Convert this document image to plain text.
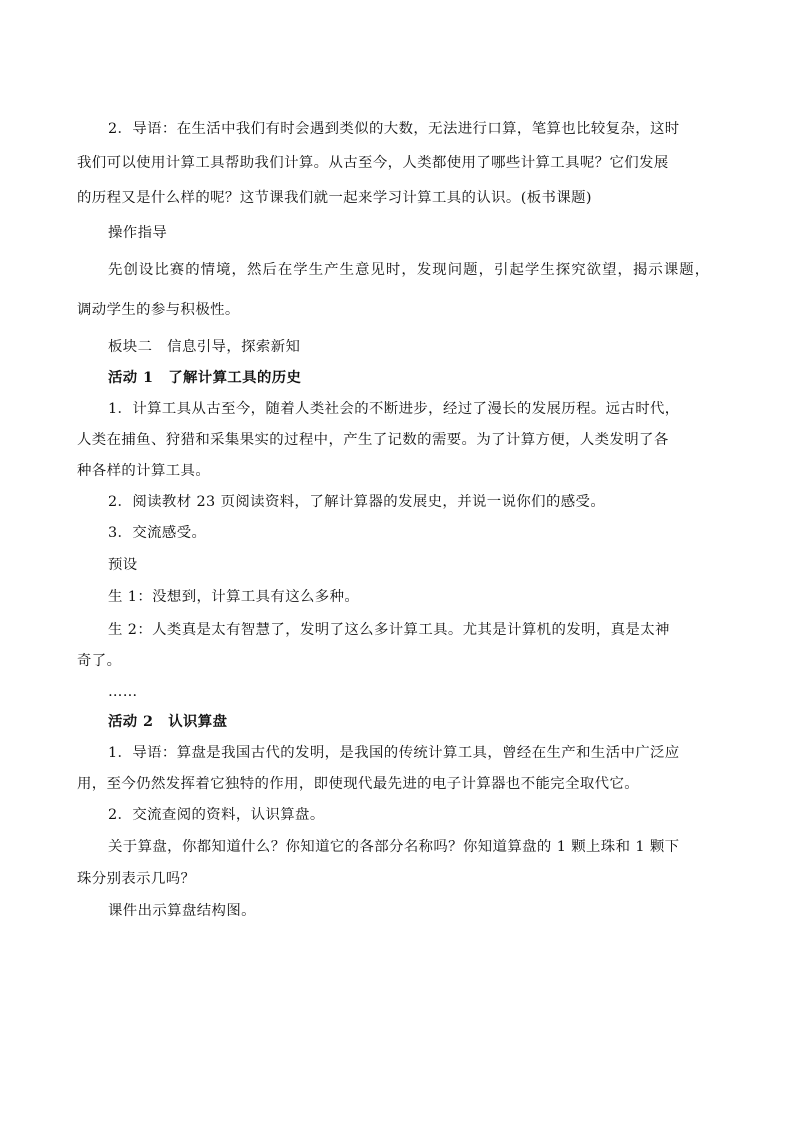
2．导语：在生活中我们有时会遇到类似的大数，无法进行口算，笔算也比较复杂，这时
我们可以使用计算工具帮助我们计算。从古至今，人类都使用了哪些计算工具呢？它们发展
的历程又是什么样的呢？这节课我们就一起来学习计算工具的认识。(板书课题)
操作指导
先创设比赛的情境，然后在学生产生意见时，发现问题，引起学生探究欲望，揭示课题，
调动学生的参与积极性。
板块二　信息引导，探索新知
活动 1　了解计算工具的历史
1．计算工具从古至今，随着人类社会的不断进步，经过了漫长的发展历程。远古时代，
人类在捕鱼、狩猎和采集果实的过程中，产生了记数的需要。为了计算方便，人类发明了各
种各样的计算工具。
2．阅读教材 23 页阅读资料，了解计算器的发展史，并说一说你们的感受。
3．交流感受。
预设
生 1：没想到，计算工具有这么多种。
生 2：人类真是太有智慧了，发明了这么多计算工具。尤其是计算机的发明，真是太神
奇了。
……
活动 2　认识算盘
1．导语：算盘是我国古代的发明，是我国的传统计算工具，曾经在生产和生活中广泛应
用，至今仍然发挥着它独特的作用，即使现代最先进的电子计算器也不能完全取代它。
2．交流查阅的资料，认识算盘。
关于算盘，你都知道什么？你知道它的各部分名称吗？你知道算盘的 1 颗上珠和 1 颗下
珠分别表示几吗？
课件出示算盘结构图。
